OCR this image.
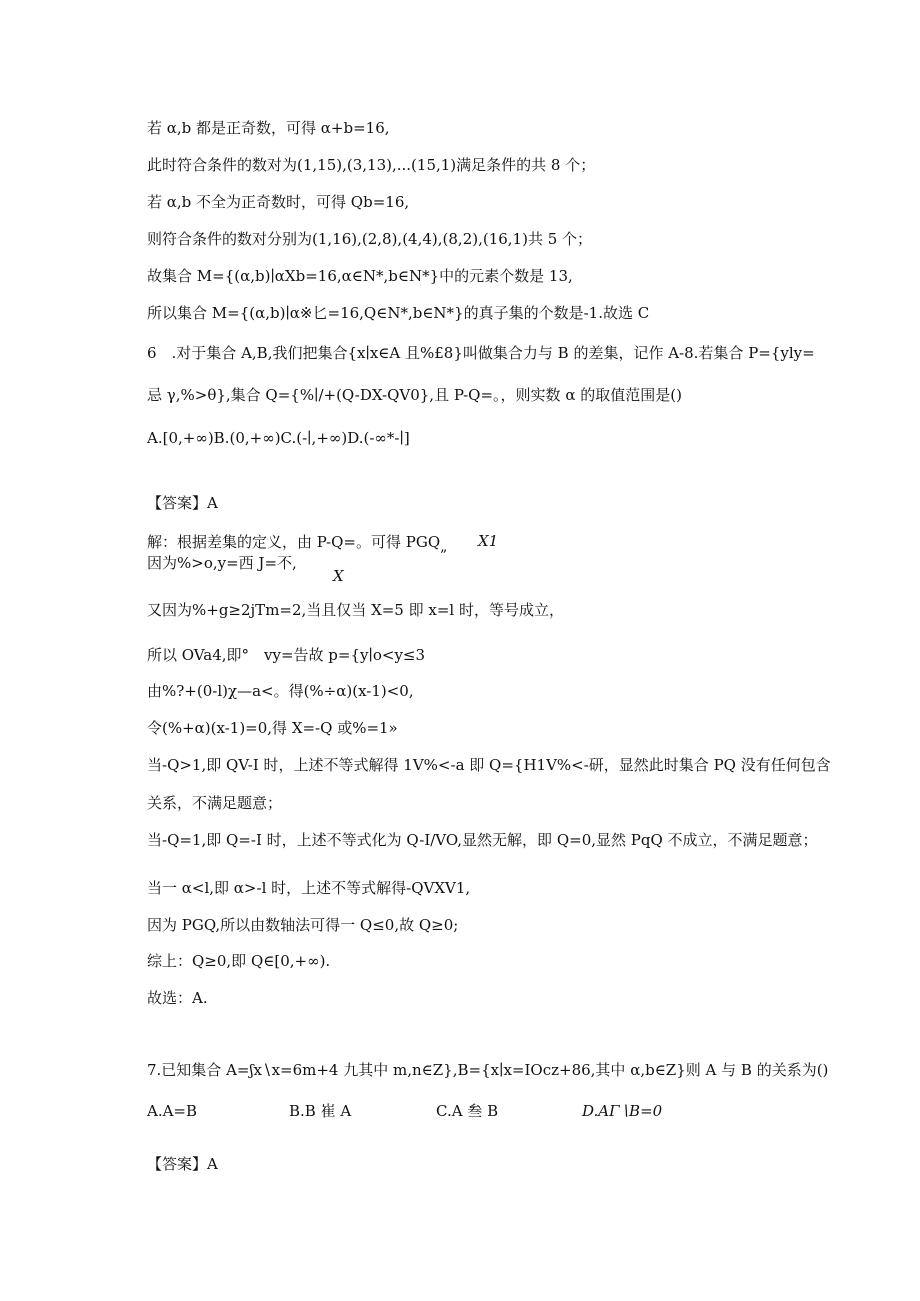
若 α,b 都是正奇数，可得 α+b=16,
此时符合条件的数对为(1,15),(3,13),...(15,1)满足条件的共 8 个；
若 α,b 不全为正奇数时，可得 Qb=16,
则符合条件的数对分别为(1,16),(2,8),(4,4),(8,2),(16,1)共 5 个；
故集合 M={(α,b)∣αXb=16,α∈N*,b∈N*}中的元素个数是 13,
所以集合 M={(α,b)∣α※匕=16,Q∈N*,b∈N*}的真子集的个数是-1.故选 C
6　.对于集合 A,B,我们把集合{x∣x∈A 且%£8}叫做集合力与 B 的差集，记作 A-8.若集合 P={yly=
忌 γ,%>θ},集合 Q={%∣/+(Q-DX-QV0},且 P-Q=。，则实数 α 的取值范围是()
A.[0,+∞)B.(0,+∞)C.(-∣,+∞)D.(-∞*-∣]
【答案】A
解：根据差集的定义，由 P-Q=。可得 $PGQ_„$ X1
因为%>o,y=西 J=不,
X
又因为%+g≥2jTm=2,当且仅当 X=5 即 x=l 时，等号成立，
所以 OVa4,即°　vy=告故 p={y∣o<y≤3
由%?+(0-l)χ—a<。得(%÷α)(x-1)<0,
令(%+α)(x-1)=0,得 X=-Q 或%=1»
当-Q>1,即 QV-I 时，上述不等式解得 1V%<-a 即 Q={H1V%<-研，显然此时集合 PQ 没有任何包含
关系，不满足题意；
当-Q=1,即 Q=-I 时，上述不等式化为 Q-I/VO,显然无解，即 Q=0,显然 PqQ 不成立，不满足题意；
当一 α<l,即 α>-l 时，上述不等式解得-QVXV1,
因为 PGQ,所以由数轴法可得一 Q≤0,故 Q≥0;
综上：Q≥0,即 Q∈[0,+∞).
故选：A.
7.已知集合 A=ʃx∖x=6m+4 九其中 m,n∈Z},B={x∣x=IOcz+86,其中 α,b∈Z}则 A 与 B 的关系为()
A.A=B	B.B 崔 A	C.A 叁 B	D.AΓ∖B=0
【答案】A
